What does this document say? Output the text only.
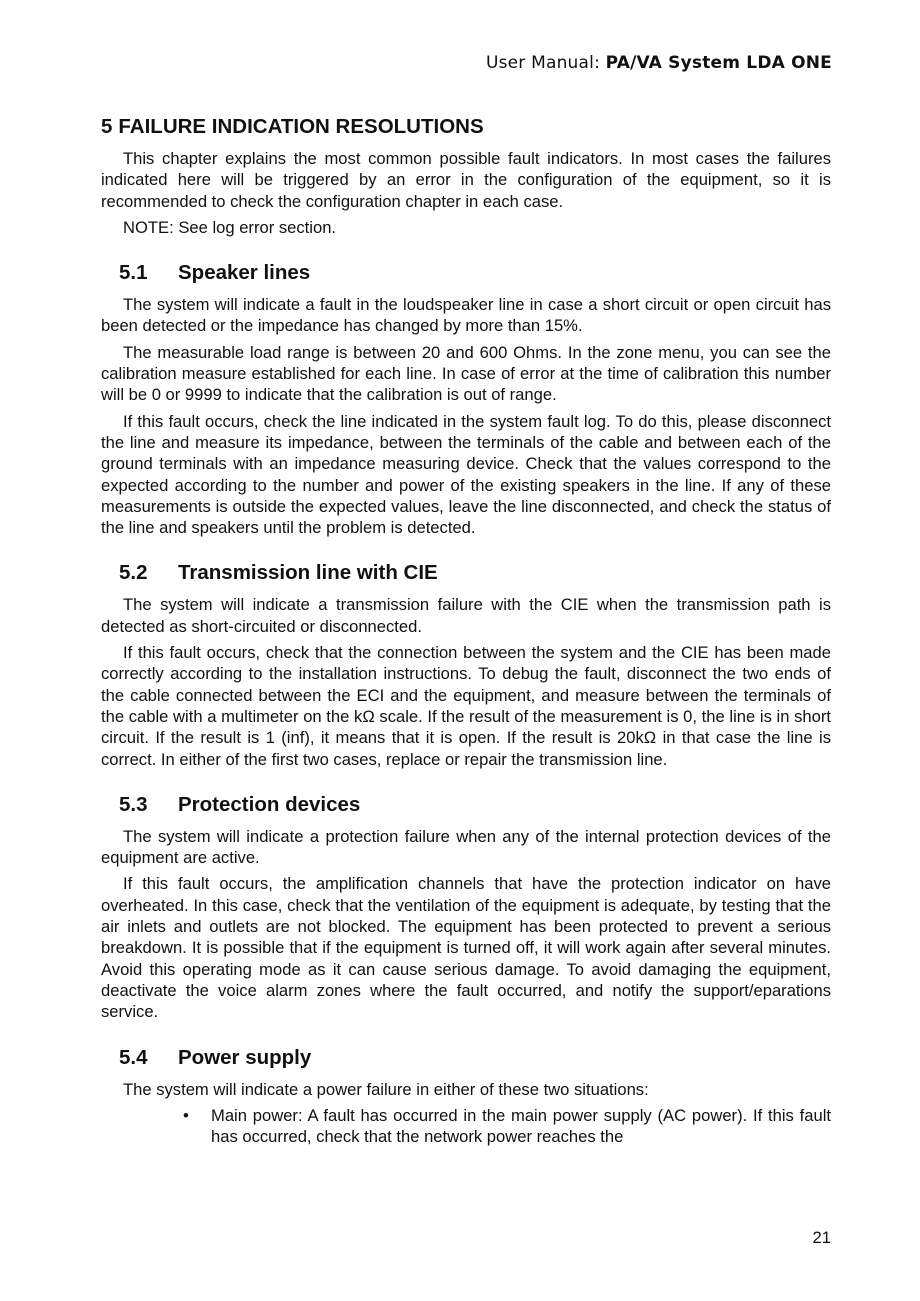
User Manual: PA/VA System LDA ONE
5 FAILURE INDICATION RESOLUTIONS

This chapter explains the most common possible fault indicators. In most cases the failures indicated here will be triggered by an error in the configuration of the equipment, so it is recommended to check the configuration chapter in each case.

NOTE: See log error section.

5.1 Speaker lines

The system will indicate a fault in the loudspeaker line in case a short circuit or open circuit has been detected or the impedance has changed by more than 15%.

The measurable load range is between 20 and 600 Ohms. In the zone menu, you can see the calibration measure established for each line. In case of error at the time of calibration this number will be 0 or 9999 to indicate that the calibration is out of range.

If this fault occurs, check the line indicated in the system fault log. To do this, please disconnect the line and measure its impedance, between the terminals of the cable and between each of the ground terminals with an impedance measuring device. Check that the values correspond to the expected according to the number and power of the existing speakers in the line. If any of these measurements is outside the expected values, leave the line disconnected, and check the status of the line and speakers until the problem is detected.

5.2 Transmission line with CIE

The system will indicate a transmission failure with the CIE when the transmission path is detected as short-circuited or disconnected.

If this fault occurs, check that the connection between the system and the CIE has been made correctly according to the installation instructions. To debug the fault, disconnect the two ends of the cable connected between the ECI and the equipment, and measure between the terminals of the cable with a multimeter on the kΩ scale. If the result of the measurement is 0, the line is in short circuit. If the result is 1 (inf), it means that it is open. If the result is 20kΩ in that case the line is correct. In either of the first two cases, replace or repair the transmission line.

5.3 Protection devices

The system will indicate a protection failure when any of the internal protection devices of the equipment are active.

If this fault occurs, the amplification channels that have the protection indicator on have overheated. In this case, check that the ventilation of the equipment is adequate, by testing that the air inlets and outlets are not blocked. The equipment has been protected to prevent a serious breakdown. It is possible that if the equipment is turned off, it will work again after several minutes. Avoid this operating mode as it can cause serious damage. To avoid damaging the equipment, deactivate the voice alarm zones where the fault occurred, and notify the support/eparations service.

5.4 Power supply

The system will indicate a power failure in either of these two situations:

• Main power: A fault has occurred in the main power supply (AC power). If this fault has occurred, check that the network power reaches the
21
